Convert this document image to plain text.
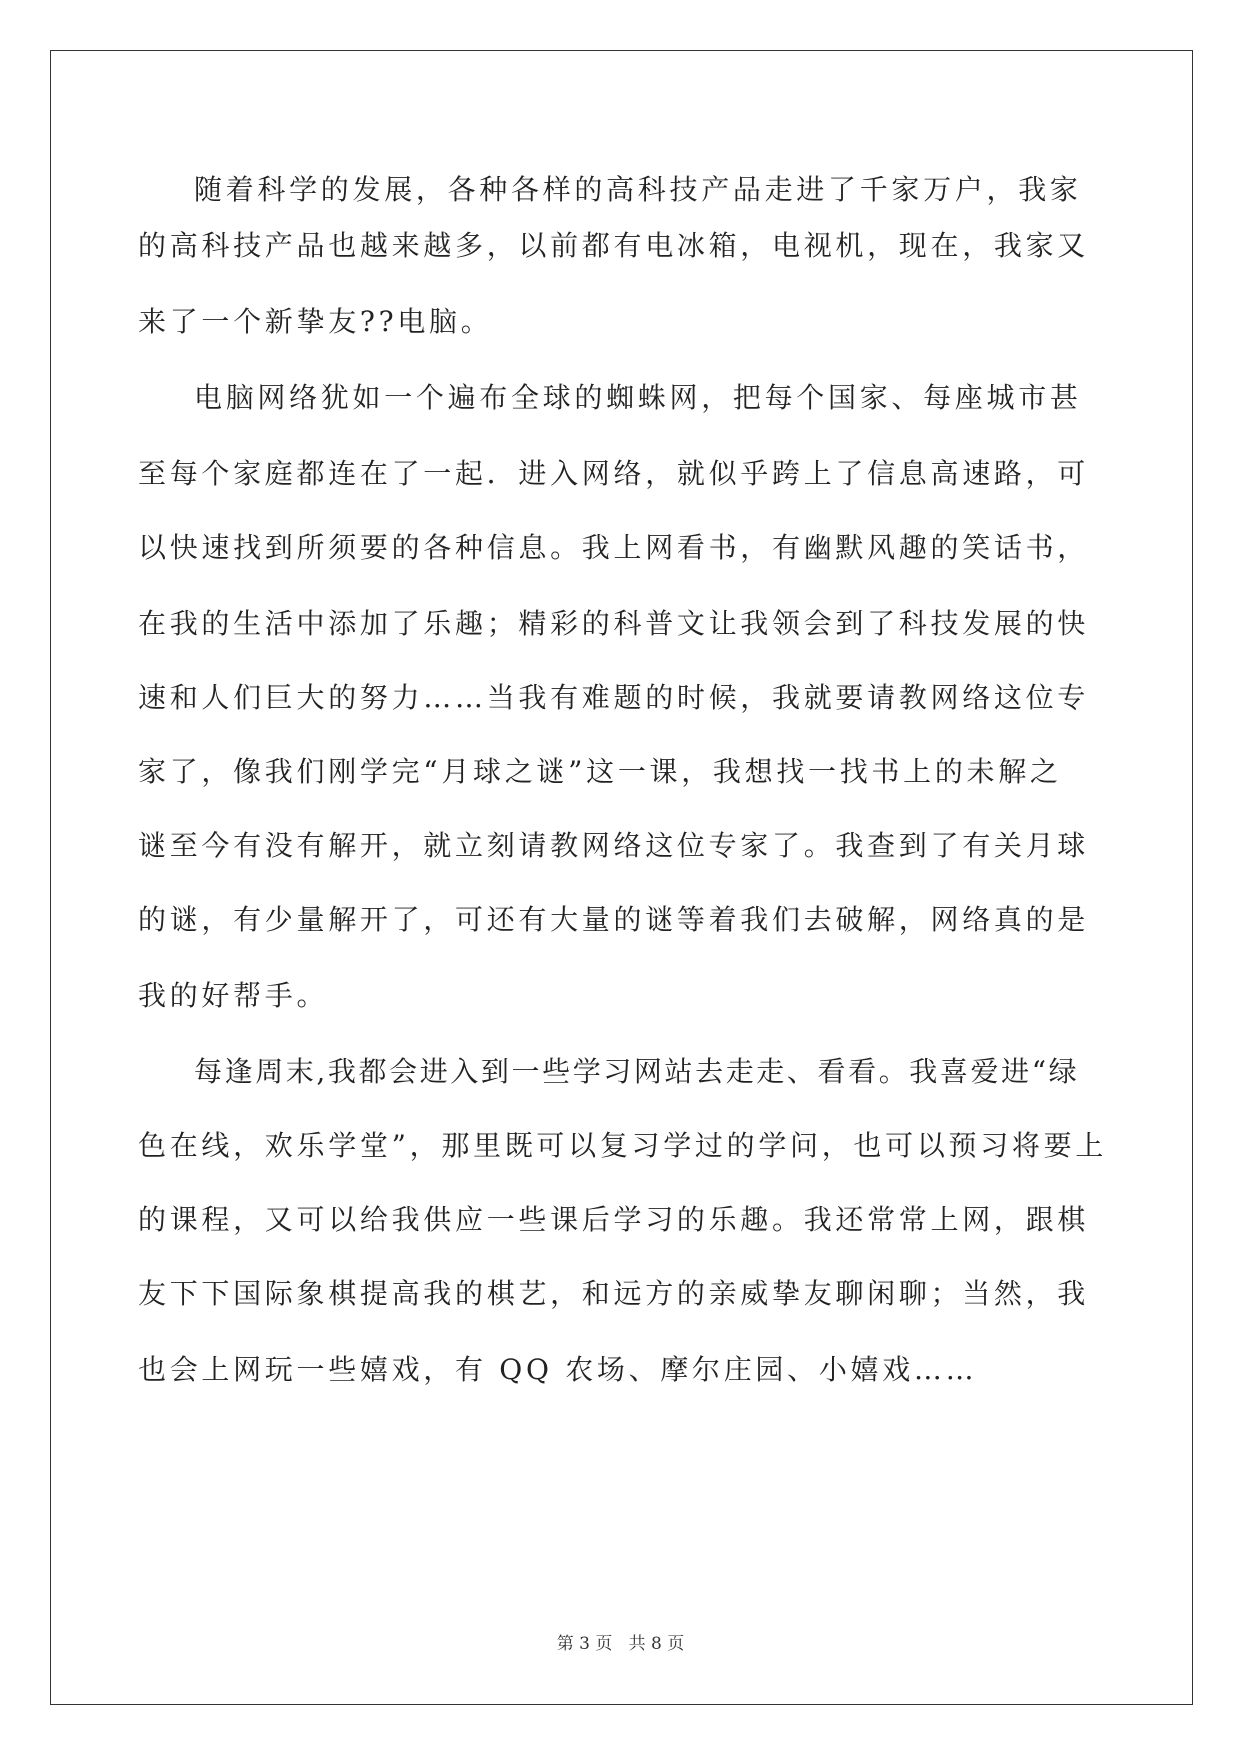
随着科学的发展，各种各样的高科技产品走进了千家万户，我家
的高科技产品也越来越多，以前都有电冰箱，电视机，现在，我家又
来了一个新挚友??电脑。
电脑网络犹如一个遍布全球的蜘蛛网，把每个国家、每座城市甚
至每个家庭都连在了一起．进入网络，就似乎跨上了信息高速路，可
以快速找到所须要的各种信息。我上网看书，有幽默风趣的笑话书，
在我的生活中添加了乐趣；精彩的科普文让我领会到了科技发展的快
速和人们巨大的努力……当我有难题的时候，我就要请教网络这位专
家了，像我们刚学完“月球之谜”这一课，我想找一找书上的未解之
谜至今有没有解开，就立刻请教网络这位专家了。我查到了有关月球
的谜，有少量解开了，可还有大量的谜等着我们去破解，网络真的是
我的好帮手。
每逢周末,我都会进入到一些学习网站去走走、看看。我喜爱进“绿
色在线，欢乐学堂”，那里既可以复习学过的学问，也可以预习将要上
的课程，又可以给我供应一些课后学习的乐趣。我还常常上网，跟棋
友下下国际象棋提高我的棋艺，和远方的亲威挚友聊闲聊；当然，我
也会上网玩一些嬉戏，有 QQ 农场、摩尔庄园、小嬉戏……
第 3 页   共 8 页
